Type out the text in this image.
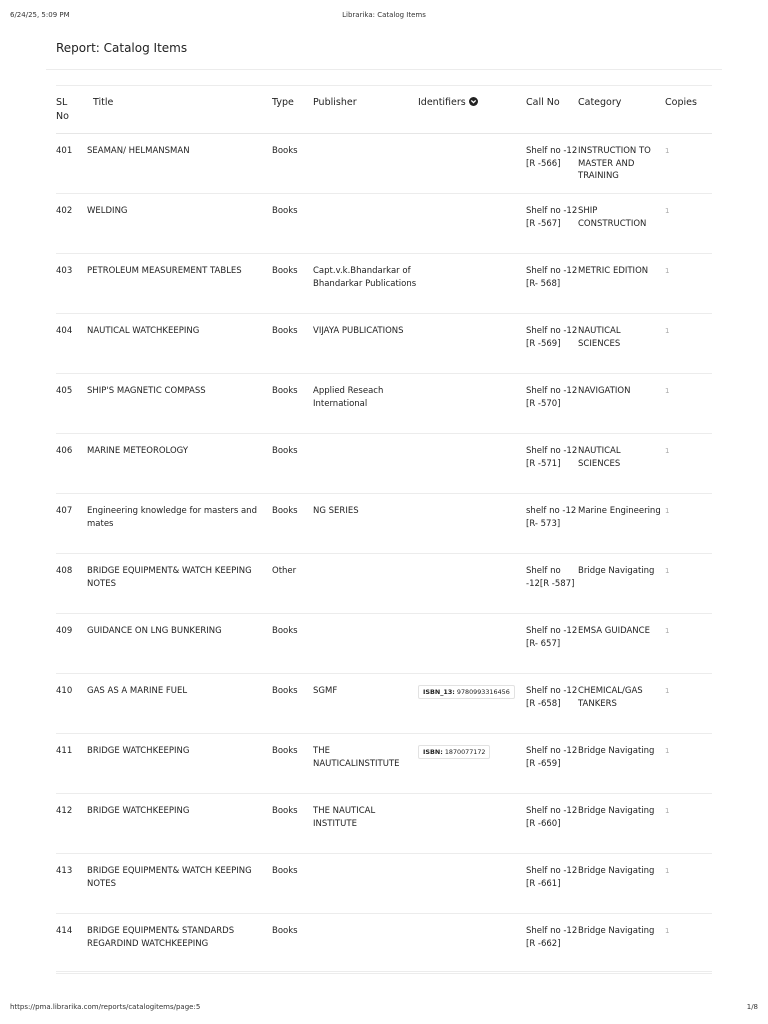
6/24/25, 5:09 PM	Librarika: Catalog Items
Report: Catalog Items
SL
No	Title	Type	Publisher	Identifiers	Call No	Category	Copies
401	SEAMAN/ HELMANSMAN	Books			Shelf no -12 [R -566]	INSTRUCTION TO MASTER AND TRAINING	1
402	WELDING	Books			Shelf no -12 [R -567]	SHIP CONSTRUCTION	1
403	PETROLEUM MEASUREMENT TABLES	Books	Capt.v.k.Bhandarkar of Bhandarkar Publications		Shelf no -12 [R- 568]	METRIC EDITION	1
404	NAUTICAL WATCHKEEPING	Books	VIJAYA PUBLICATIONS		Shelf no -12 [R -569]	NAUTICAL SCIENCES	1
405	SHIP'S MAGNETIC COMPASS	Books	Applied Reseach International		Shelf no -12 [R -570]	NAVIGATION	1
406	MARINE METEOROLOGY	Books			Shelf no -12 [R -571]	NAUTICAL SCIENCES	1
407	Engineering knowledge for masters and mates	Books	NG SERIES		shelf no -12 [R- 573]	Marine Engineering	1
408	BRIDGE EQUIPMENT& WATCH KEEPING NOTES	Other			Shelf no -12[R -587]	Bridge Navigating	1
409	GUIDANCE ON LNG BUNKERING	Books			Shelf no -12 [R- 657]	EMSA GUIDANCE	1
410	GAS AS A MARINE FUEL	Books	SGMF	ISBN_13: 9780993316456	Shelf no -12 [R -658]	CHEMICAL/GAS TANKERS	1
411	BRIDGE WATCHKEEPING	Books	THE NAUTICALINSTITUTE	ISBN: 1870077172	Shelf no -12 [R -659]	Bridge Navigating	1
412	BRIDGE WATCHKEEPING	Books	THE NAUTICAL INSTITUTE		Shelf no -12 [R -660]	Bridge Navigating	1
413	BRIDGE EQUIPMENT& WATCH KEEPING NOTES	Books			Shelf no -12 [R -661]	Bridge Navigating	1
414	BRIDGE EQUIPMENT& STANDARDS REGARDIND WATCHKEEPING	Books			Shelf no -12 [R -662]	Bridge Navigating	1
https://pma.librarika.com/reports/catalogitems/page:5	1/8
